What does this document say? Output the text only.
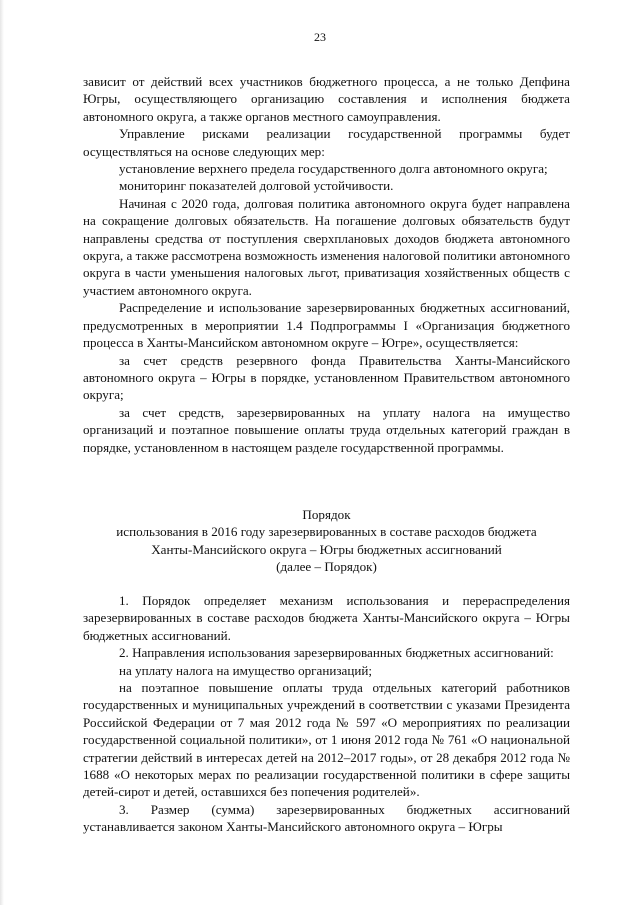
23

зависит от действий всех участников бюджетного процесса, а не только Депфина Югры, осуществляющего организацию составления и исполнения бюджета автономного округа, а также органов местного самоуправления.

Управление рисками реализации государственной программы будет осуществляться на основе следующих мер:

установление верхнего предела государственного долга автономного округа;

мониторинг показателей долговой устойчивости.

Начиная с 2020 года, долговая политика автономного округа будет направлена на сокращение долговых обязательств. На погашение долговых обязательств будут направлены средства от поступления сверхплановых доходов бюджета автономного округа, а также рассмотрена возможность изменения налоговой политики автономного округа в части уменьшения налоговых льгот, приватизация хозяйственных обществ с участием автономного округа.

Распределение и использование зарезервированных бюджетных ассигнований, предусмотренных в мероприятии 1.4 Подпрограммы I «Организация бюджетного процесса в Ханты-Мансийском автономном округе – Югре», осуществляется:

за счет средств резервного фонда Правительства Ханты-Мансийского автономного округа – Югры в порядке, установленном Правительством автономного округа;

за счет средств, зарезервированных на уплату налога на имущество организаций и поэтапное повышение оплаты труда отдельных категорий граждан в порядке, установленном в настоящем разделе государственной программы.

Порядок
использования в 2016 году зарезервированных в составе расходов бюджета
Ханты-Мансийского округа – Югры бюджетных ассигнований
(далее – Порядок)

1. Порядок определяет механизм использования и перераспределения зарезервированных в составе расходов бюджета Ханты-Мансийского округа – Югры бюджетных ассигнований.

2. Направления использования зарезервированных бюджетных ассигнований:

на уплату налога на имущество организаций;

на поэтапное повышение оплаты труда отдельных категорий работников государственных и муниципальных учреждений в соответствии с указами Президента Российской Федерации от 7 мая 2012 года № 597 «О мероприятиях по реализации государственной социальной политики», от 1 июня 2012 года № 761 «О национальной стратегии действий в интересах детей на 2012–2017 годы», от 28 декабря 2012 года № 1688 «О некоторых мерах по реализации государственной политики в сфере защиты детей-сирот и детей, оставшихся без попечения родителей».

3. Размер (сумма) зарезервированных бюджетных ассигнований устанавливается законом Ханты-Мансийского автономного округа – Югры
